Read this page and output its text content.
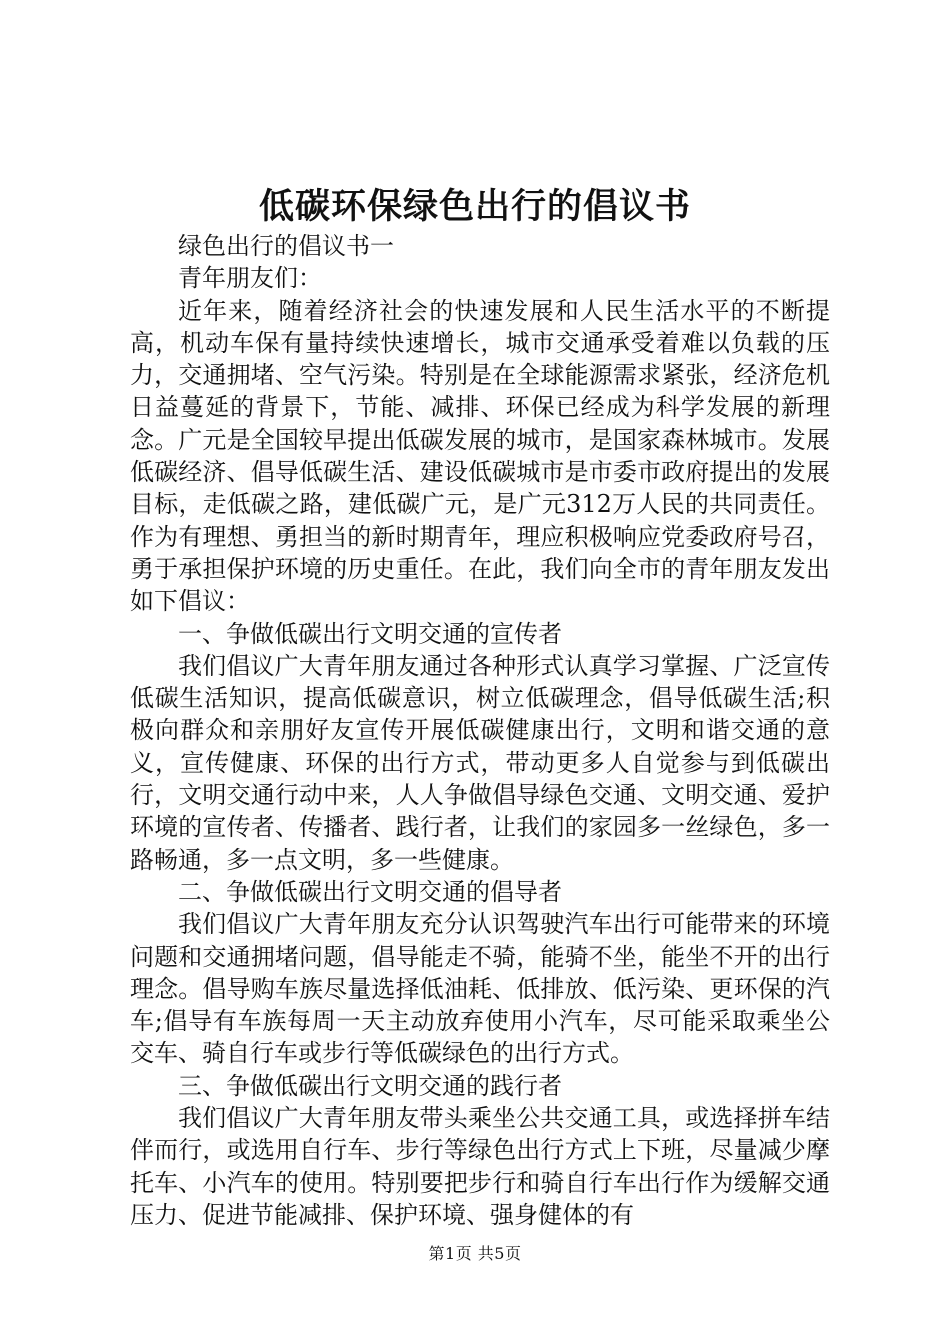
低碳环保绿色出行的倡议书

绿色出行的倡议书一

青年朋友们：

近年来，随着经济社会的快速发展和人民生活水平的不断提高，机动车保有量持续快速增长，城市交通承受着难以负载的压力，交通拥堵、空气污染。特别是在全球能源需求紧张，经济危机日益蔓延的背景下，节能、减排、环保已经成为科学发展的新理念。广元是全国较早提出低碳发展的城市，是国家森林城市。发展低碳经济、倡导低碳生活、建设低碳城市是市委市政府提出的发展目标，走低碳之路，建低碳广元，是广元312万人民的共同责任。作为有理想、勇担当的新时期青年，理应积极响应党委政府号召，勇于承担保护环境的历史重任。在此，我们向全市的青年朋友发出如下倡议：

一、争做低碳出行文明交通的宣传者

我们倡议广大青年朋友通过各种形式认真学习掌握、广泛宣传低碳生活知识，提高低碳意识，树立低碳理念，倡导低碳生活;积极向群众和亲朋好友宣传开展低碳健康出行，文明和谐交通的意义，宣传健康、环保的出行方式，带动更多人自觉参与到低碳出行，文明交通行动中来，人人争做倡导绿色交通、文明交通、爱护环境的宣传者、传播者、践行者，让我们的家园多一丝绿色，多一路畅通，多一点文明，多一些健康。

二、争做低碳出行文明交通的倡导者

我们倡议广大青年朋友充分认识驾驶汽车出行可能带来的环境问题和交通拥堵问题，倡导能走不骑，能骑不坐，能坐不开的出行理念。倡导购车族尽量选择低油耗、低排放、低污染、更环保的汽车;倡导有车族每周一天主动放弃使用小汽车，尽可能采取乘坐公交车、骑自行车或步行等低碳绿色的出行方式。

三、争做低碳出行文明交通的践行者

我们倡议广大青年朋友带头乘坐公共交通工具，或选择拼车结伴而行，或选用自行车、步行等绿色出行方式上下班，尽量减少摩托车、小汽车的使用。特别要把步行和骑自行车出行作为缓解交通压力、促进节能减排、保护环境、强身健体的有

第1页 共5页
